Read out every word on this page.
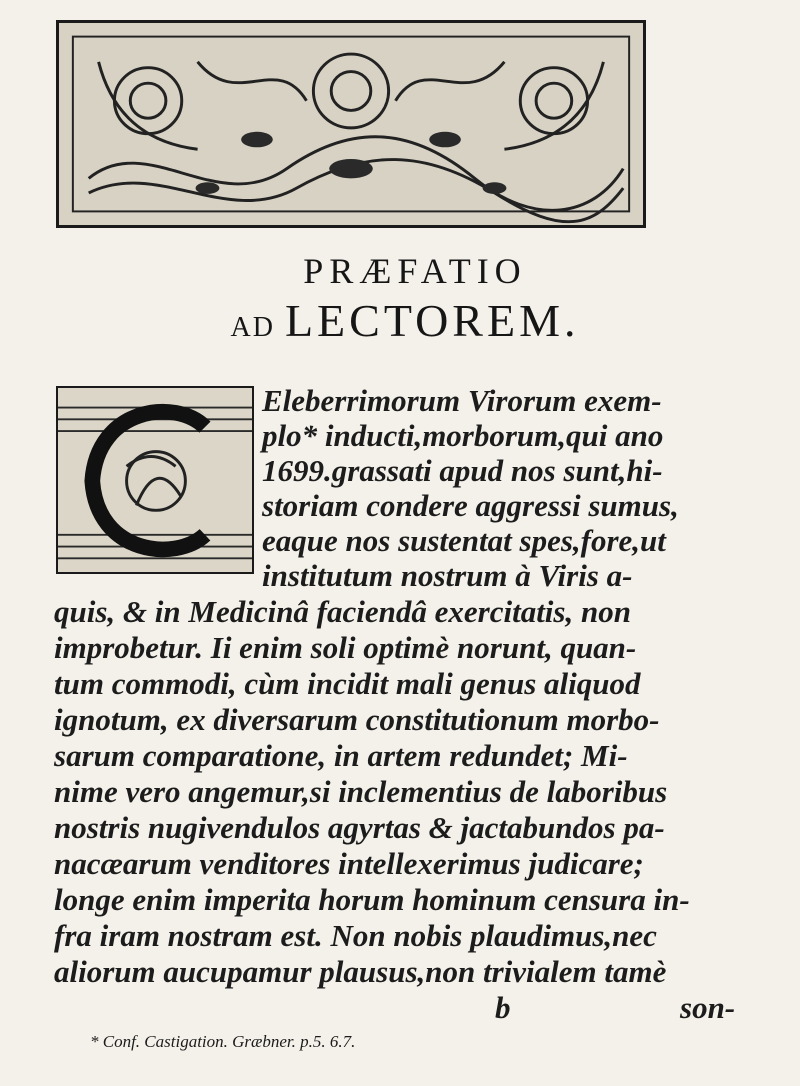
PRÆFATIO
AD LECTOREM.
Eleberrimorum Virorum exem-
plo* inducti,morborum,qui ano
1699.grassati apud nos sunt,hi-
storiam condere aggressi sumus,
eaque nos sustentat spes,fore,ut
institutum nostrum à Viris a-
quis, & in Medicinâ faciendâ exercitatis, non
improbetur. Ii enim soli optimè norunt, quan-
tum commodi, cùm incidit mali genus aliquod
ignotum, ex diversarum constitutionum morbo-
sarum comparatione, in artem redundet; Mi-
nime vero angemur,si inclementius de laboribus
nostris nugivendulos agyrtas & jactabundos pa-
nacæarum venditores intellexerimus judicare;
longe enim imperita horum hominum censura in-
fra iram nostram est. Non nobis plaudimus,nec
aliorum aucupamur plausus,non trivialem tamè
b	son-
* Conf. Castigation. Græbner. p.5. 6.7.
